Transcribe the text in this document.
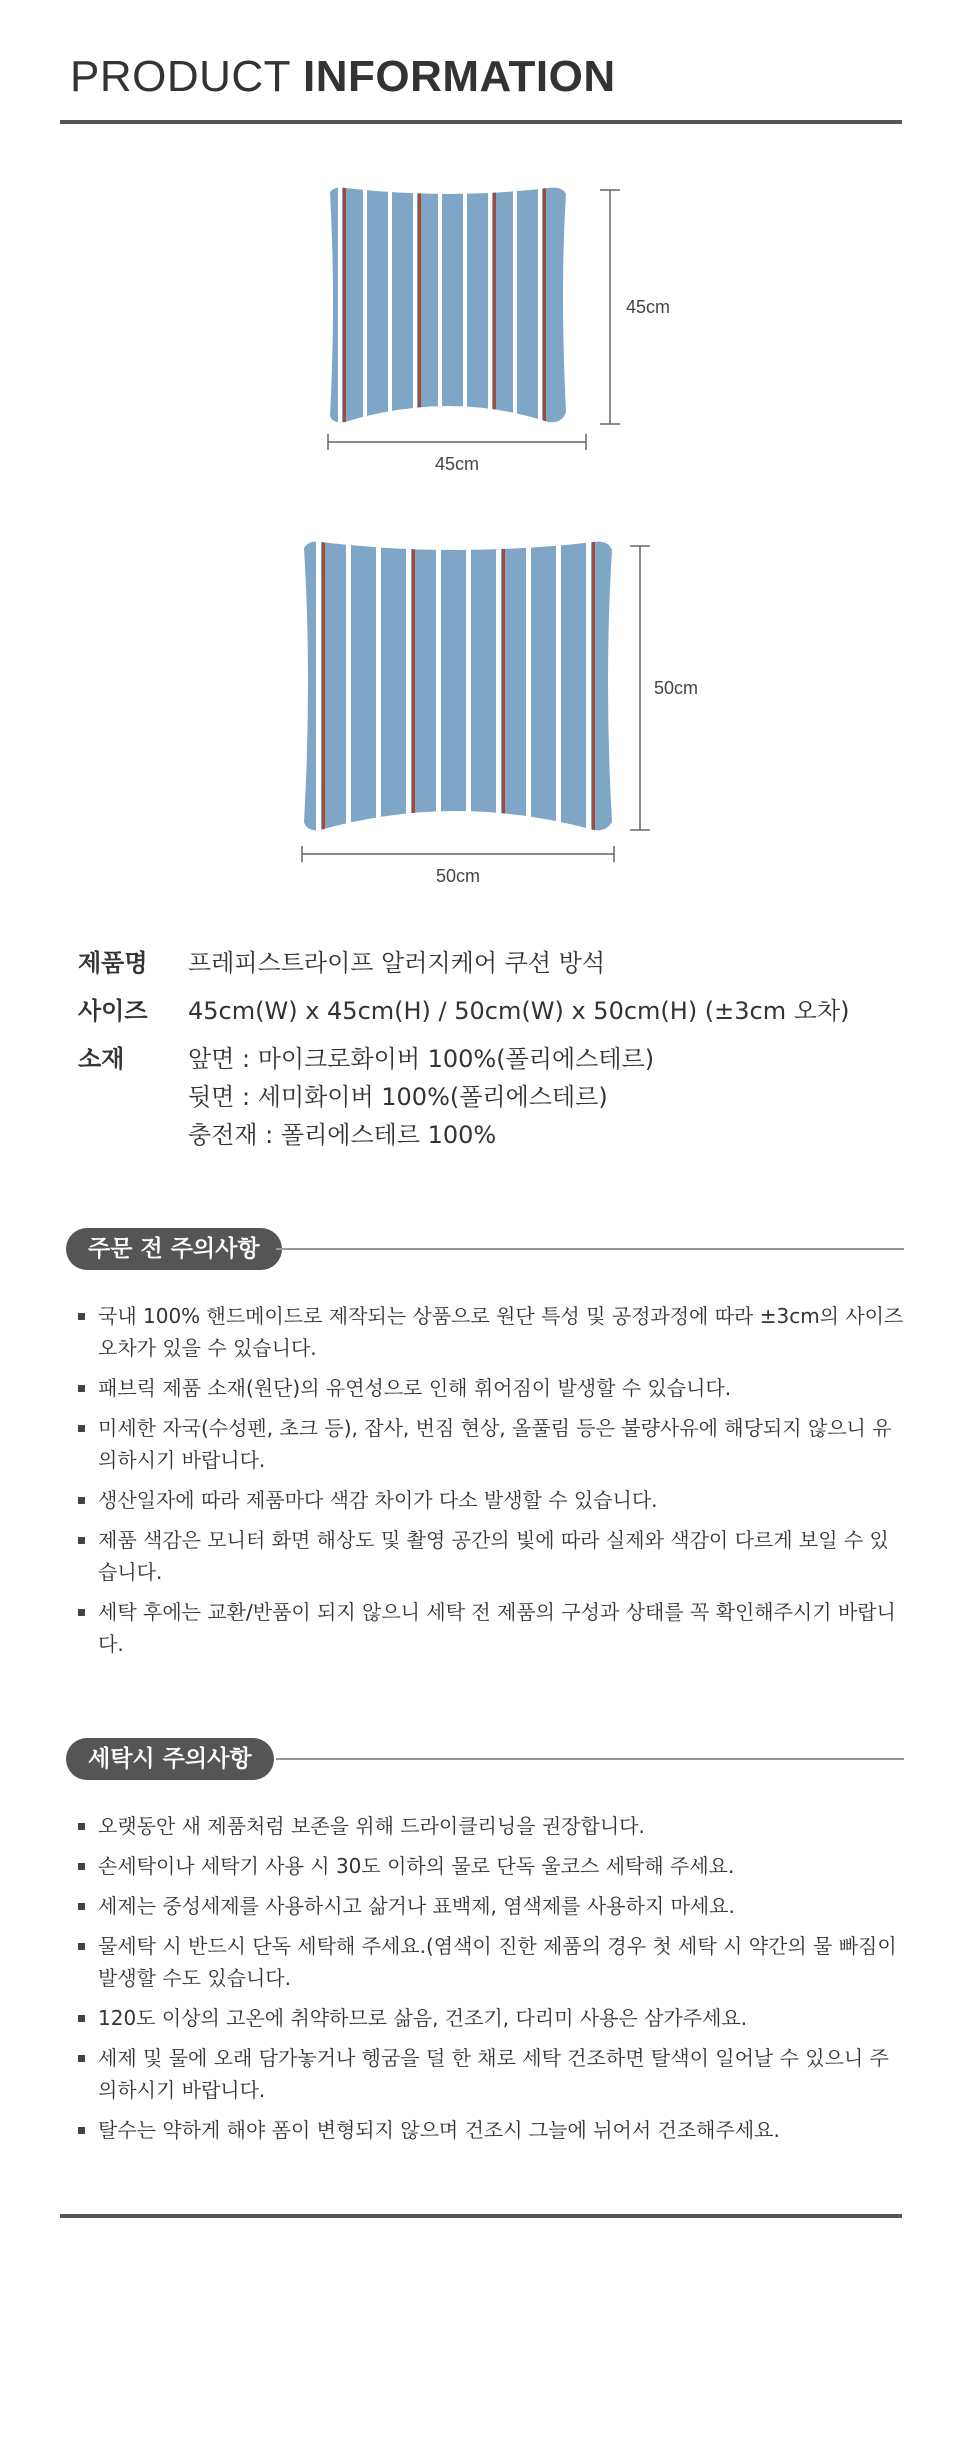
PRODUCT INFORMATION
45cm
45cm
50cm
50cm
제품명	프레피스트라이프 알러지케어 쿠션 방석
사이즈	45cm(W) x 45cm(H) / 50cm(W) x 50cm(H) (±3cm 오차)
소재	앞면 : 마이크로화이버 100%(폴리에스테르)
뒷면 : 세미화이버 100%(폴리에스테르)
충전재 : 폴리에스테르 100%
주문 전 주의사항
국내 100% 핸드메이드로 제작되는 상품으로 원단 특성 및 공정과정에 따라 ±3cm의 사이즈 오차가 있을 수 있습니다.
패브릭 제품 소재(원단)의 유연성으로 인해 휘어짐이 발생할 수 있습니다.
미세한 자국(수성펜, 초크 등), 잡사, 번짐 현상, 올풀림 등은 불량사유에 해당되지 않으니 유의하시기 바랍니다.
생산일자에 따라 제품마다 색감 차이가 다소 발생할 수 있습니다.
제품 색감은 모니터 화면 해상도 및 촬영 공간의 빛에 따라 실제와 색감이 다르게 보일 수 있습니다.
세탁 후에는 교환/반품이 되지 않으니 세탁 전 제품의 구성과 상태를 꼭 확인해주시기 바랍니다.
세탁시 주의사항
오랫동안 새 제품처럼 보존을 위해 드라이클리닝을 권장합니다.
손세탁이나 세탁기 사용 시 30도 이하의 물로 단독 울코스 세탁해 주세요.
세제는 중성세제를 사용하시고 삶거나 표백제, 염색제를 사용하지 마세요.
물세탁 시 반드시 단독 세탁해 주세요.(염색이 진한 제품의 경우 첫 세탁 시 약간의 물 빠짐이 발생할 수도 있습니다.
120도 이상의 고온에 취약하므로 삶음, 건조기, 다리미 사용은 삼가주세요.
세제 및 물에 오래 담가놓거나 헹굼을 덜 한 채로 세탁 건조하면 탈색이 일어날 수 있으니 주의하시기 바랍니다.
탈수는 약하게 해야 폼이 변형되지 않으며 건조시 그늘에 뉘어서 건조해주세요.
